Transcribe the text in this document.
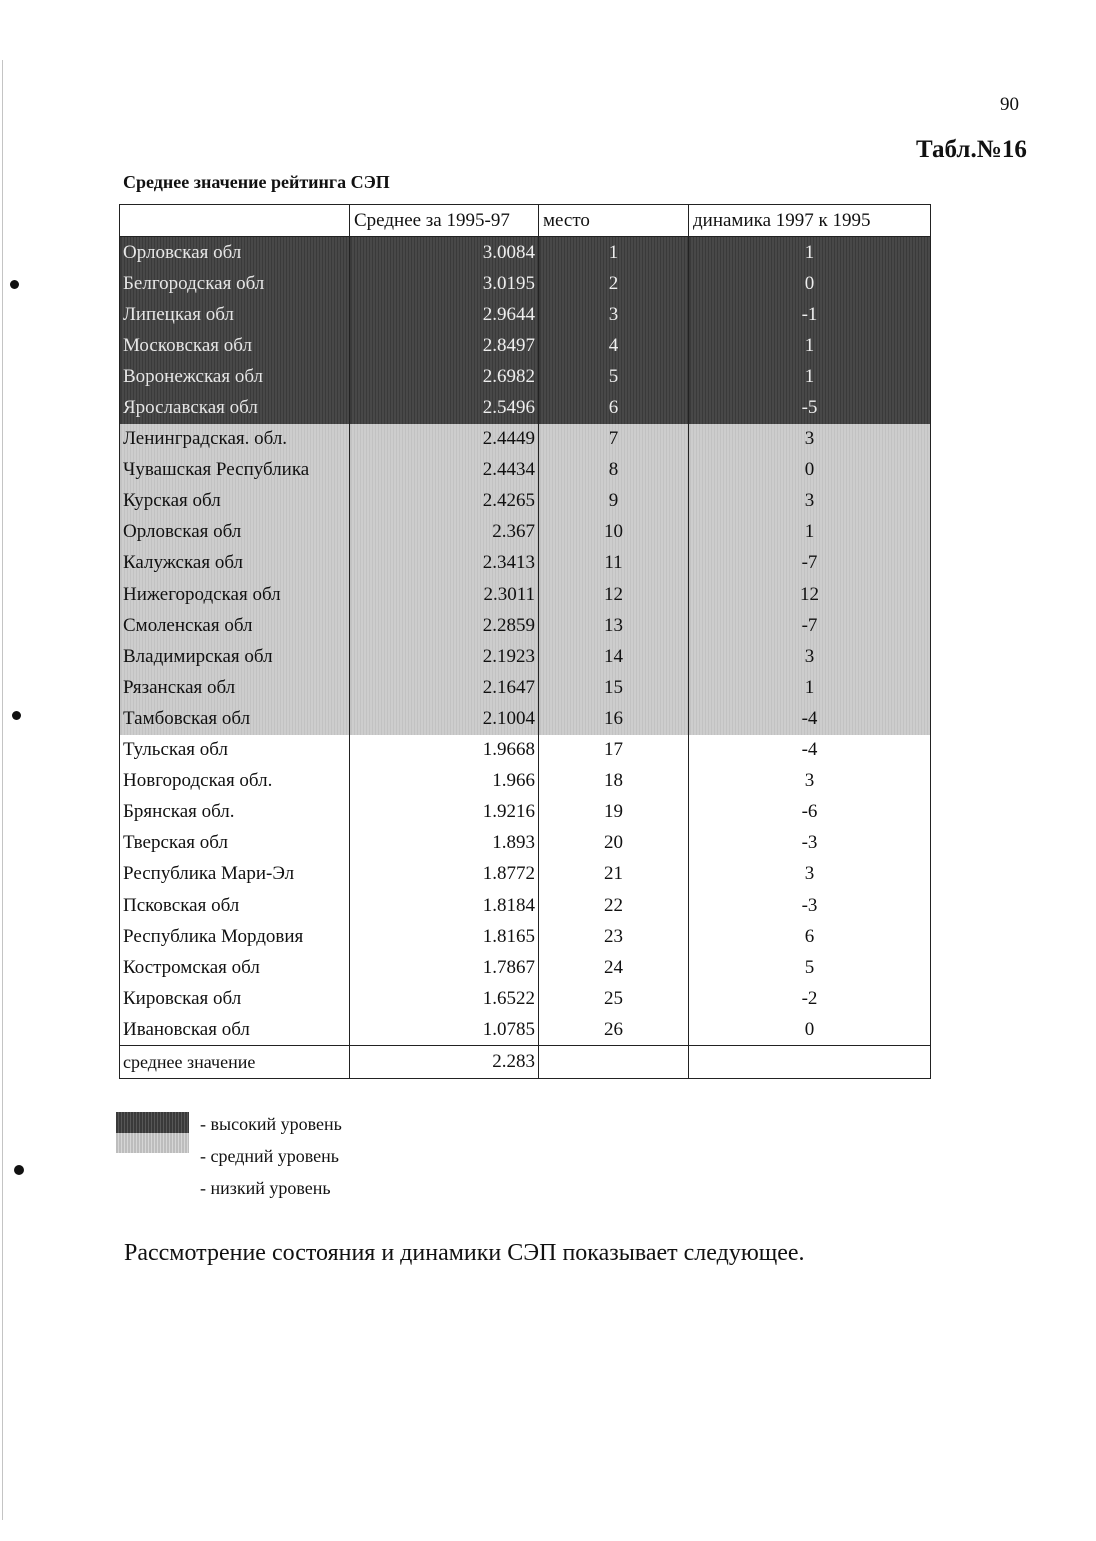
90
Табл.№16
Среднее значение рейтинга СЭП
	Среднее за 1995-97	место	динамика 1997 к 1995
Орловская обл	3.0084	1	1
Белгородская обл	3.0195	2	0
Липецкая обл	2.9644	3	-1
Московская обл	2.8497	4	1
Воронежская обл	2.6982	5	1
Ярославская обл	2.5496	6	-5
Ленинградская. обл.	2.4449	7	3
Чувашская Республика	2.4434	8	0
Курская обл	2.4265	9	3
Орловская обл	2.367	10	1
Калужская обл	2.3413	11	-7
Нижегородская обл	2.3011	12	12
Смоленская обл	2.2859	13	-7
Владимирская обл	2.1923	14	3
Рязанская обл	2.1647	15	1
Тамбовская обл	2.1004	16	-4
Тульская обл	1.9668	17	-4
Новгородская обл.	1.966	18	3
Брянская обл.	1.9216	19	-6
Тверская обл	1.893	20	-3
Республика Мари-Эл	1.8772	21	3
Псковская обл	1.8184	22	-3
Республика Мордовия	1.8165	23	6
Костромская обл	1.7867	24	5
Кировская обл	1.6522	25	-2
Ивановская обл	1.0785	26	0
среднее значение	2.283		
- высокий уровень
- средний уровень
- низкий уровень
Рассмотрение состояния и динамики СЭП показывает следующее.
